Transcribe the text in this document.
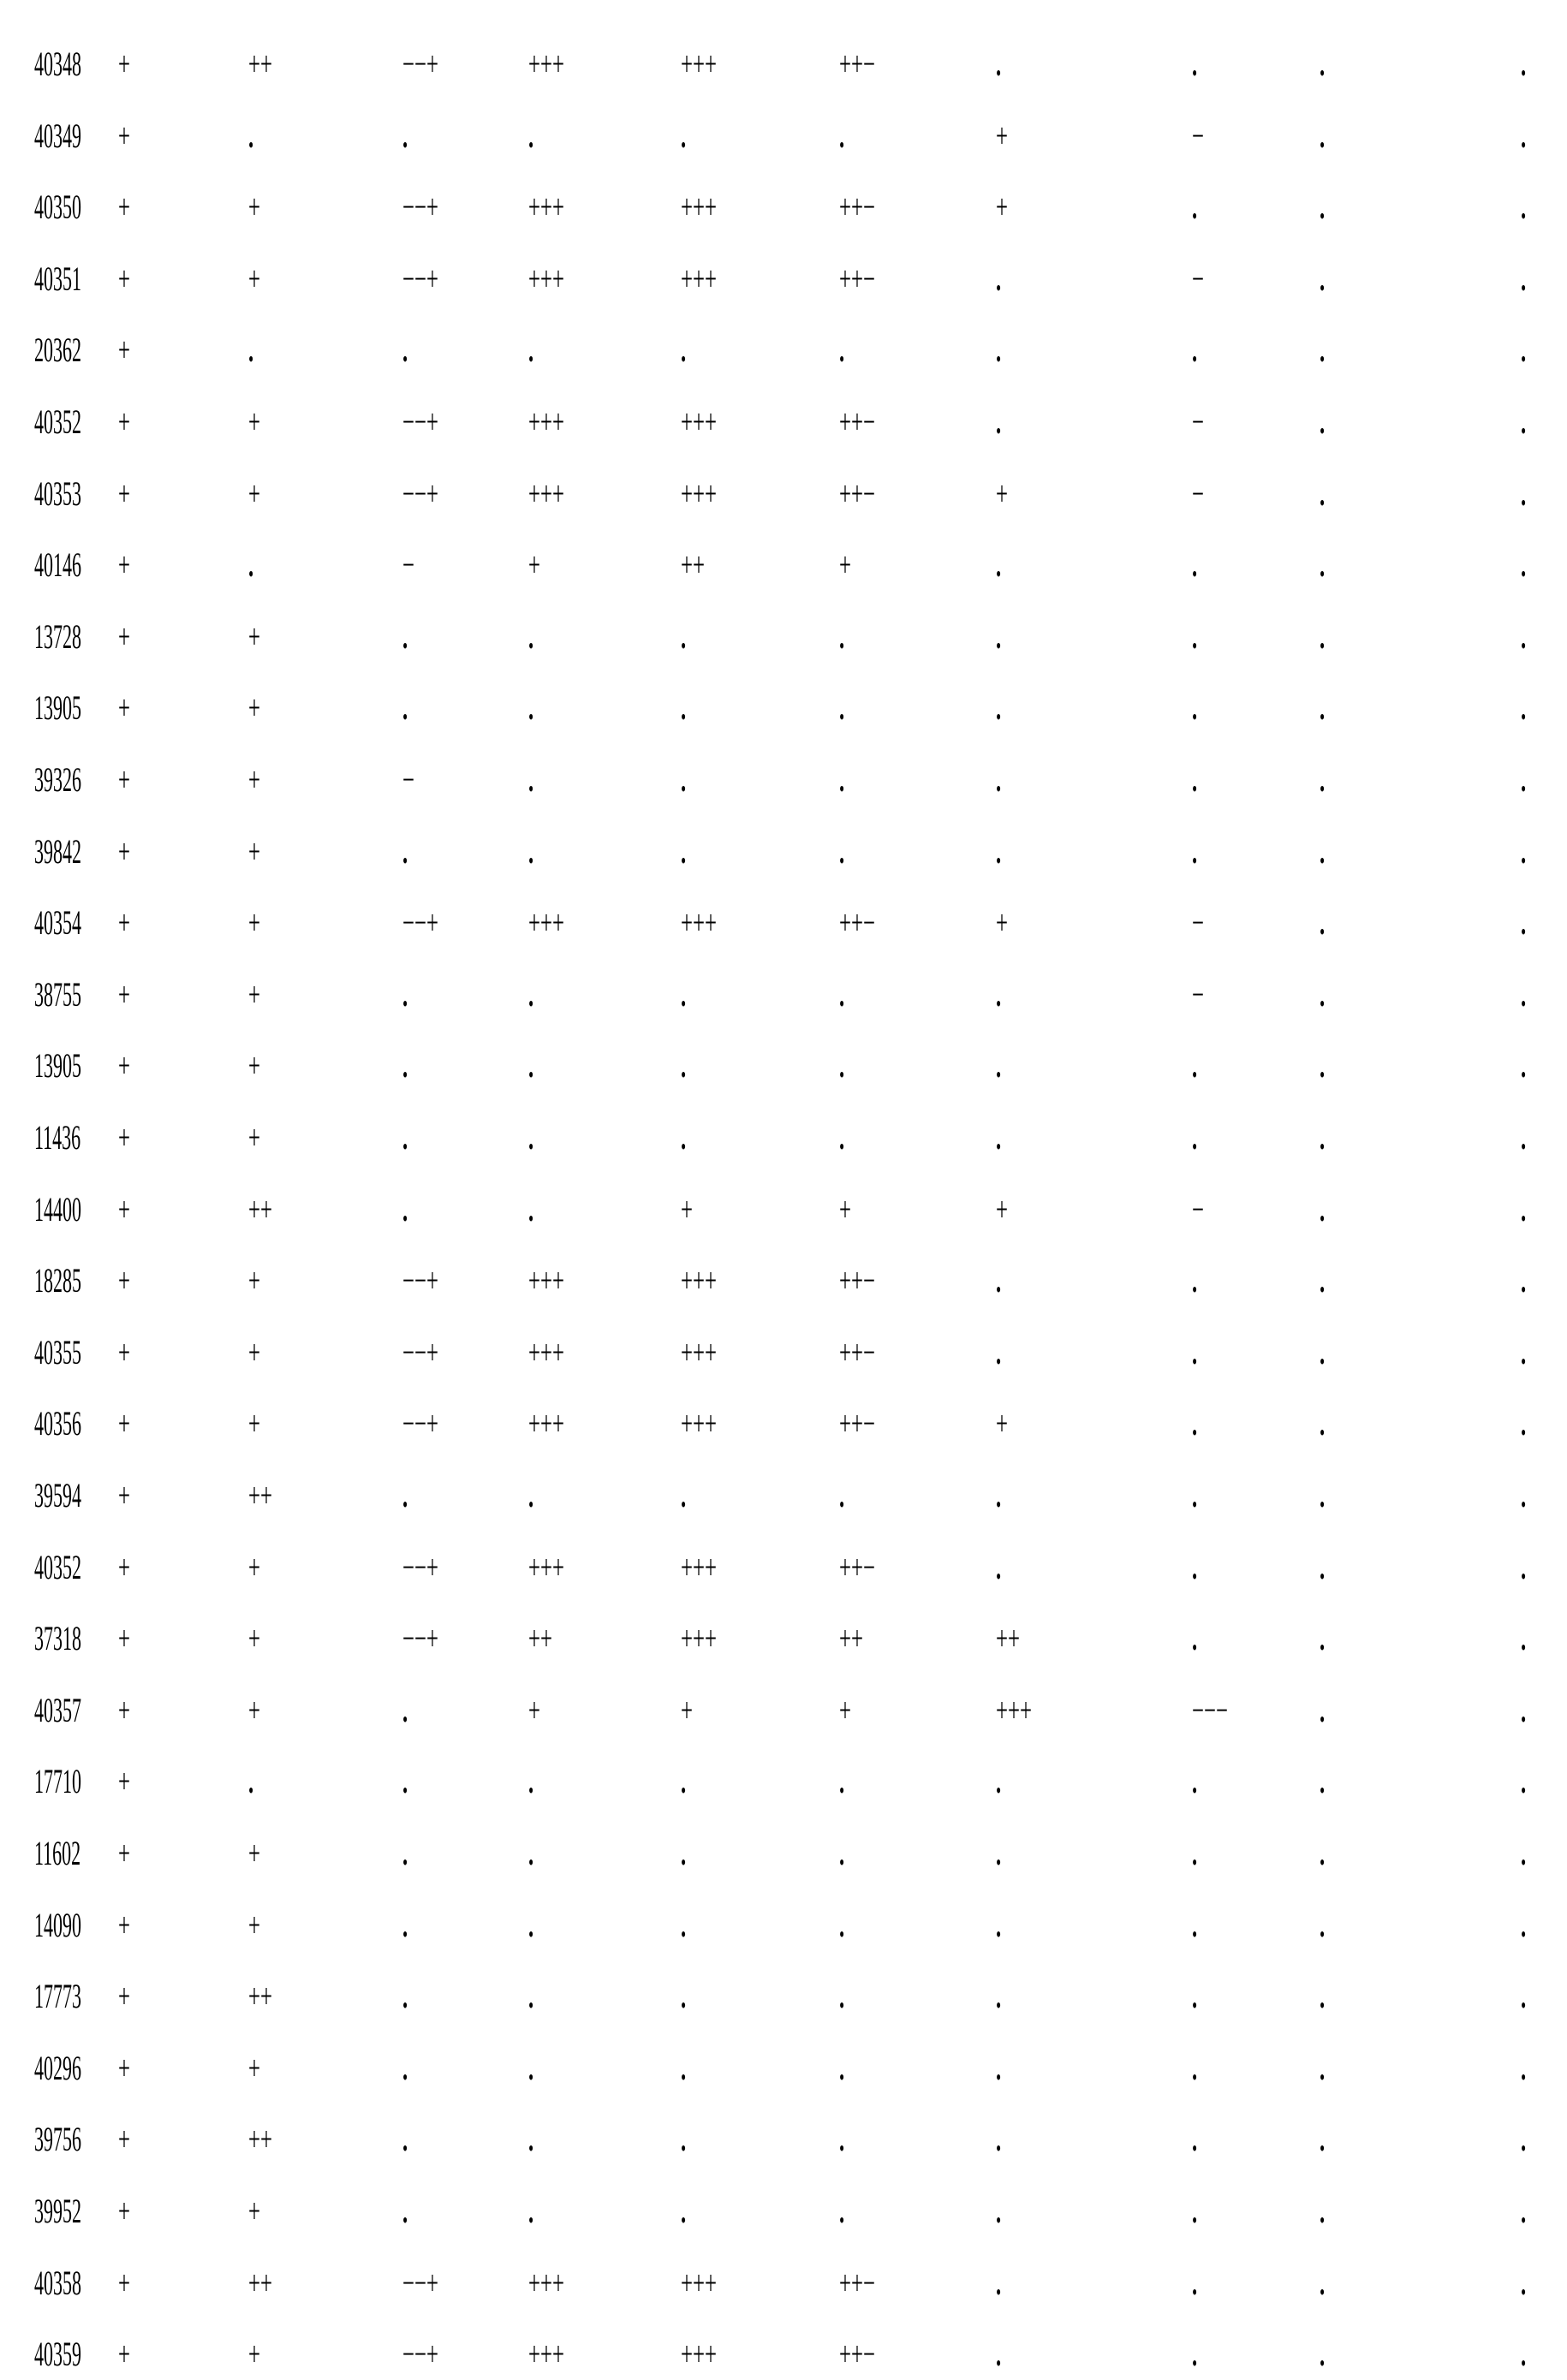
40348 +	++	−−+	+++	+++	++−	.	.	.	.
40349 +	.	.	.	.	.	+	−	.	.
40350 +	+	−−+	+++	+++	++−	+	.	.	.
40351 +	+	−−+	+++	+++	++−	.	−	.	.
20362 +	.	.	.	.	.	.	.	.	.
40352 +	+	−−+	+++	+++	++−	.	−	.	.
40353 +	+	−−+	+++	+++	++−	+	−	.	.
40146 +	.	−	+	++	+	.	.	.	.
13728 +	+	.	.	.	.	.	.	.	.
13905 +	+	.	.	.	.	.	.	.	.
39326 +	+	−	.	.	.	.	.	.	.
39842 +	+	.	.	.	.	.	.	.	.
40354 +	+	−−+	+++	+++	++−	+	−	.	.
38755 +	+	.	.	.	.	.	−	.	.
13905 +	+	.	.	.	.	.	.	.	.
11436 +	+	.	.	.	.	.	.	.	.
14400 +	++	.	.	+	+	+	−	.	.
18285 +	+	−−+	+++	+++	++−	.	.	.	.
40355 +	+	−−+	+++	+++	++−	.	.	.	.
40356 +	+	−−+	+++	+++	++−	+	.	.	.
39594 +	++	.	.	.	.	.	.	.	.
40352 +	+	−−+	+++	+++	++−	.	.	.	.
37318 +	+	−−+	++	+++	++	++	.	.	.
40357 +	+	.	+	+	+	+++	−−−	.	.
17710 +	.	.	.	.	.	.	.	.	.
11602 +	+	.	.	.	.	.	.	.	.
14090 +	+	.	.	.	.	.	.	.	.
17773 +	++	.	.	.	.	.	.	.	.
40296 +	+	.	.	.	.	.	.	.	.
39756 +	++	.	.	.	.	.	.	.	.
39952 +	+	.	.	.	.	.	.	.	.
40358 +	++	−−+	+++	+++	++−	.	.	.	.
40359 +	+	−−+	+++	+++	++−	.	.	.	.
